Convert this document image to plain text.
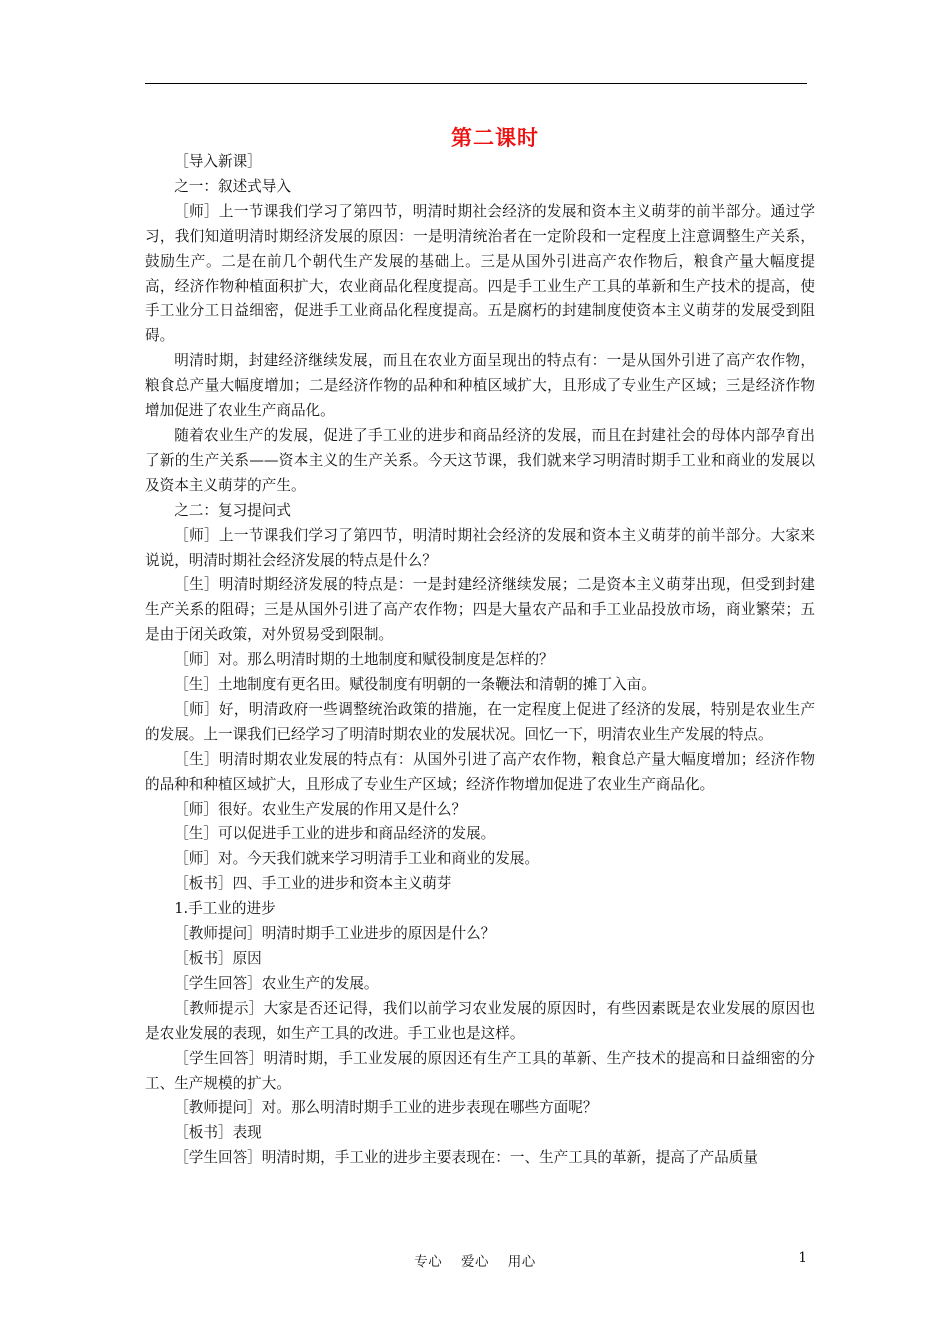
第二课时

［导入新课］

之一：叙述式导入

［师］上一节课我们学习了第四节，明清时期社会经济的发展和资本主义萌芽的前半部分。通过学习，我们知道明清时期经济发展的原因：一是明清统治者在一定阶段和一定程度上注意调整生产关系，鼓励生产。二是在前几个朝代生产发展的基础上。三是从国外引进高产农作物后，粮食产量大幅度提高，经济作物种植面积扩大，农业商品化程度提高。四是手工业生产工具的革新和生产技术的提高，使手工业分工日益细密，促进手工业商品化程度提高。五是腐朽的封建制度使资本主义萌芽的发展受到阻碍。

明清时期，封建经济继续发展，而且在农业方面呈现出的特点有：一是从国外引进了高产农作物，粮食总产量大幅度增加；二是经济作物的品种和种植区域扩大，且形成了专业生产区域；三是经济作物增加促进了农业生产商品化。

随着农业生产的发展，促进了手工业的进步和商品经济的发展，而且在封建社会的母体内部孕育出了新的生产关系——资本主义的生产关系。今天这节课，我们就来学习明清时期手工业和商业的发展以及资本主义萌芽的产生。

之二：复习提问式

［师］上一节课我们学习了第四节，明清时期社会经济的发展和资本主义萌芽的前半部分。大家来说说，明清时期社会经济发展的特点是什么？

［生］明清时期经济发展的特点是：一是封建经济继续发展；二是资本主义萌芽出现，但受到封建生产关系的阻碍；三是从国外引进了高产农作物；四是大量农产品和手工业品投放市场，商业繁荣；五是由于闭关政策，对外贸易受到限制。

［师］对。那么明清时期的土地制度和赋役制度是怎样的？

［生］土地制度有更名田。赋役制度有明朝的一条鞭法和清朝的摊丁入亩。

［师］好，明清政府一些调整统治政策的措施，在一定程度上促进了经济的发展，特别是农业生产的发展。上一课我们已经学习了明清时期农业的发展状况。回忆一下，明清农业生产发展的特点。

［生］明清时期农业发展的特点有：从国外引进了高产农作物，粮食总产量大幅度增加；经济作物的品种和种植区域扩大，且形成了专业生产区域；经济作物增加促进了农业生产商品化。

［师］很好。农业生产发展的作用又是什么？

［生］可以促进手工业的进步和商品经济的发展。

［师］对。今天我们就来学习明清手工业和商业的发展。

［板书］四、手工业的进步和资本主义萌芽

1.手工业的进步

［教师提问］明清时期手工业进步的原因是什么？

［板书］原因

［学生回答］农业生产的发展。

［教师提示］大家是否还记得，我们以前学习农业发展的原因时，有些因素既是农业发展的原因也是农业发展的表现，如生产工具的改进。手工业也是这样。

［学生回答］明清时期，手工业发展的原因还有生产工具的革新、生产技术的提高和日益细密的分工、生产规模的扩大。

［教师提问］对。那么明清时期手工业的进步表现在哪些方面呢？

［板书］表现

［学生回答］明清时期，手工业的进步主要表现在：一、生产工具的革新，提高了产品质量

专心 爱心 用心	1
